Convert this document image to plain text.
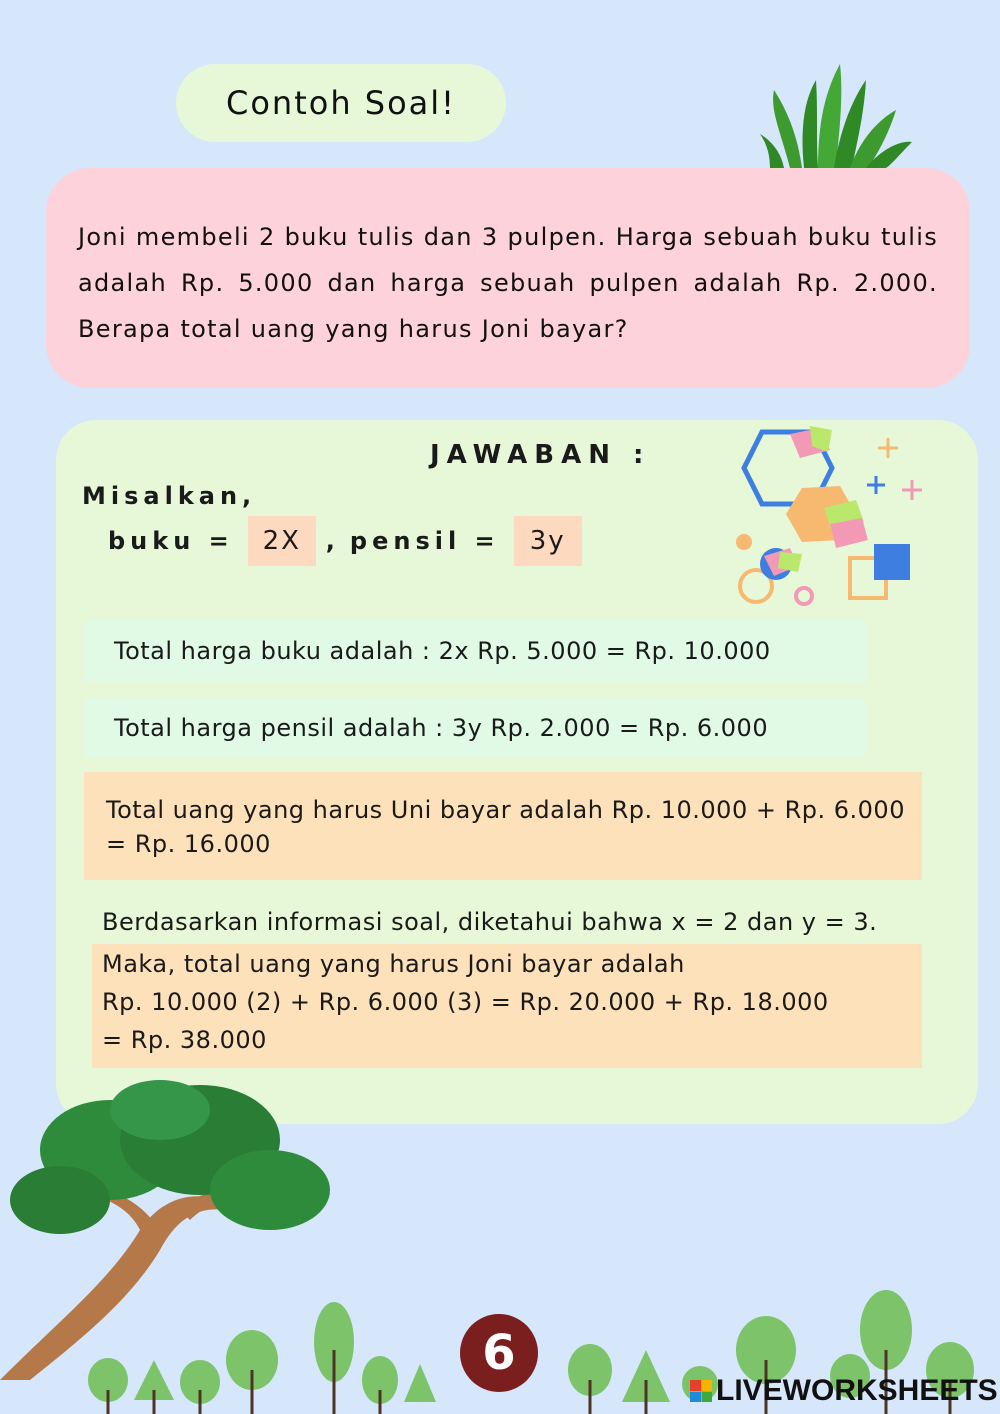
Contoh Soal!
Joni membeli 2 buku tulis dan 3 pulpen. Harga sebuah buku tulis adalah Rp. 5.000 dan harga sebuah pulpen adalah Rp. 2.000. Berapa total uang yang harus Joni bayar?
JAWABAN :
Misalkan,
buku =	2X	, pensil =	3y
Total harga buku adalah : 2x Rp. 5.000 = Rp. 10.000
Total harga pensil adalah : 3y Rp. 2.000 = Rp. 6.000
Total uang yang harus Uni bayar adalah Rp. 10.000 + Rp. 6.000
= Rp. 16.000
Berdasarkan informasi soal, diketahui bahwa x = 2 dan y = 3.
Maka, total uang yang harus Joni bayar adalah
Rp. 10.000 (2) + Rp. 6.000 (3) = Rp. 20.000 + Rp. 18.000
= Rp. 38.000
6
LIVEWORKSHEETS
